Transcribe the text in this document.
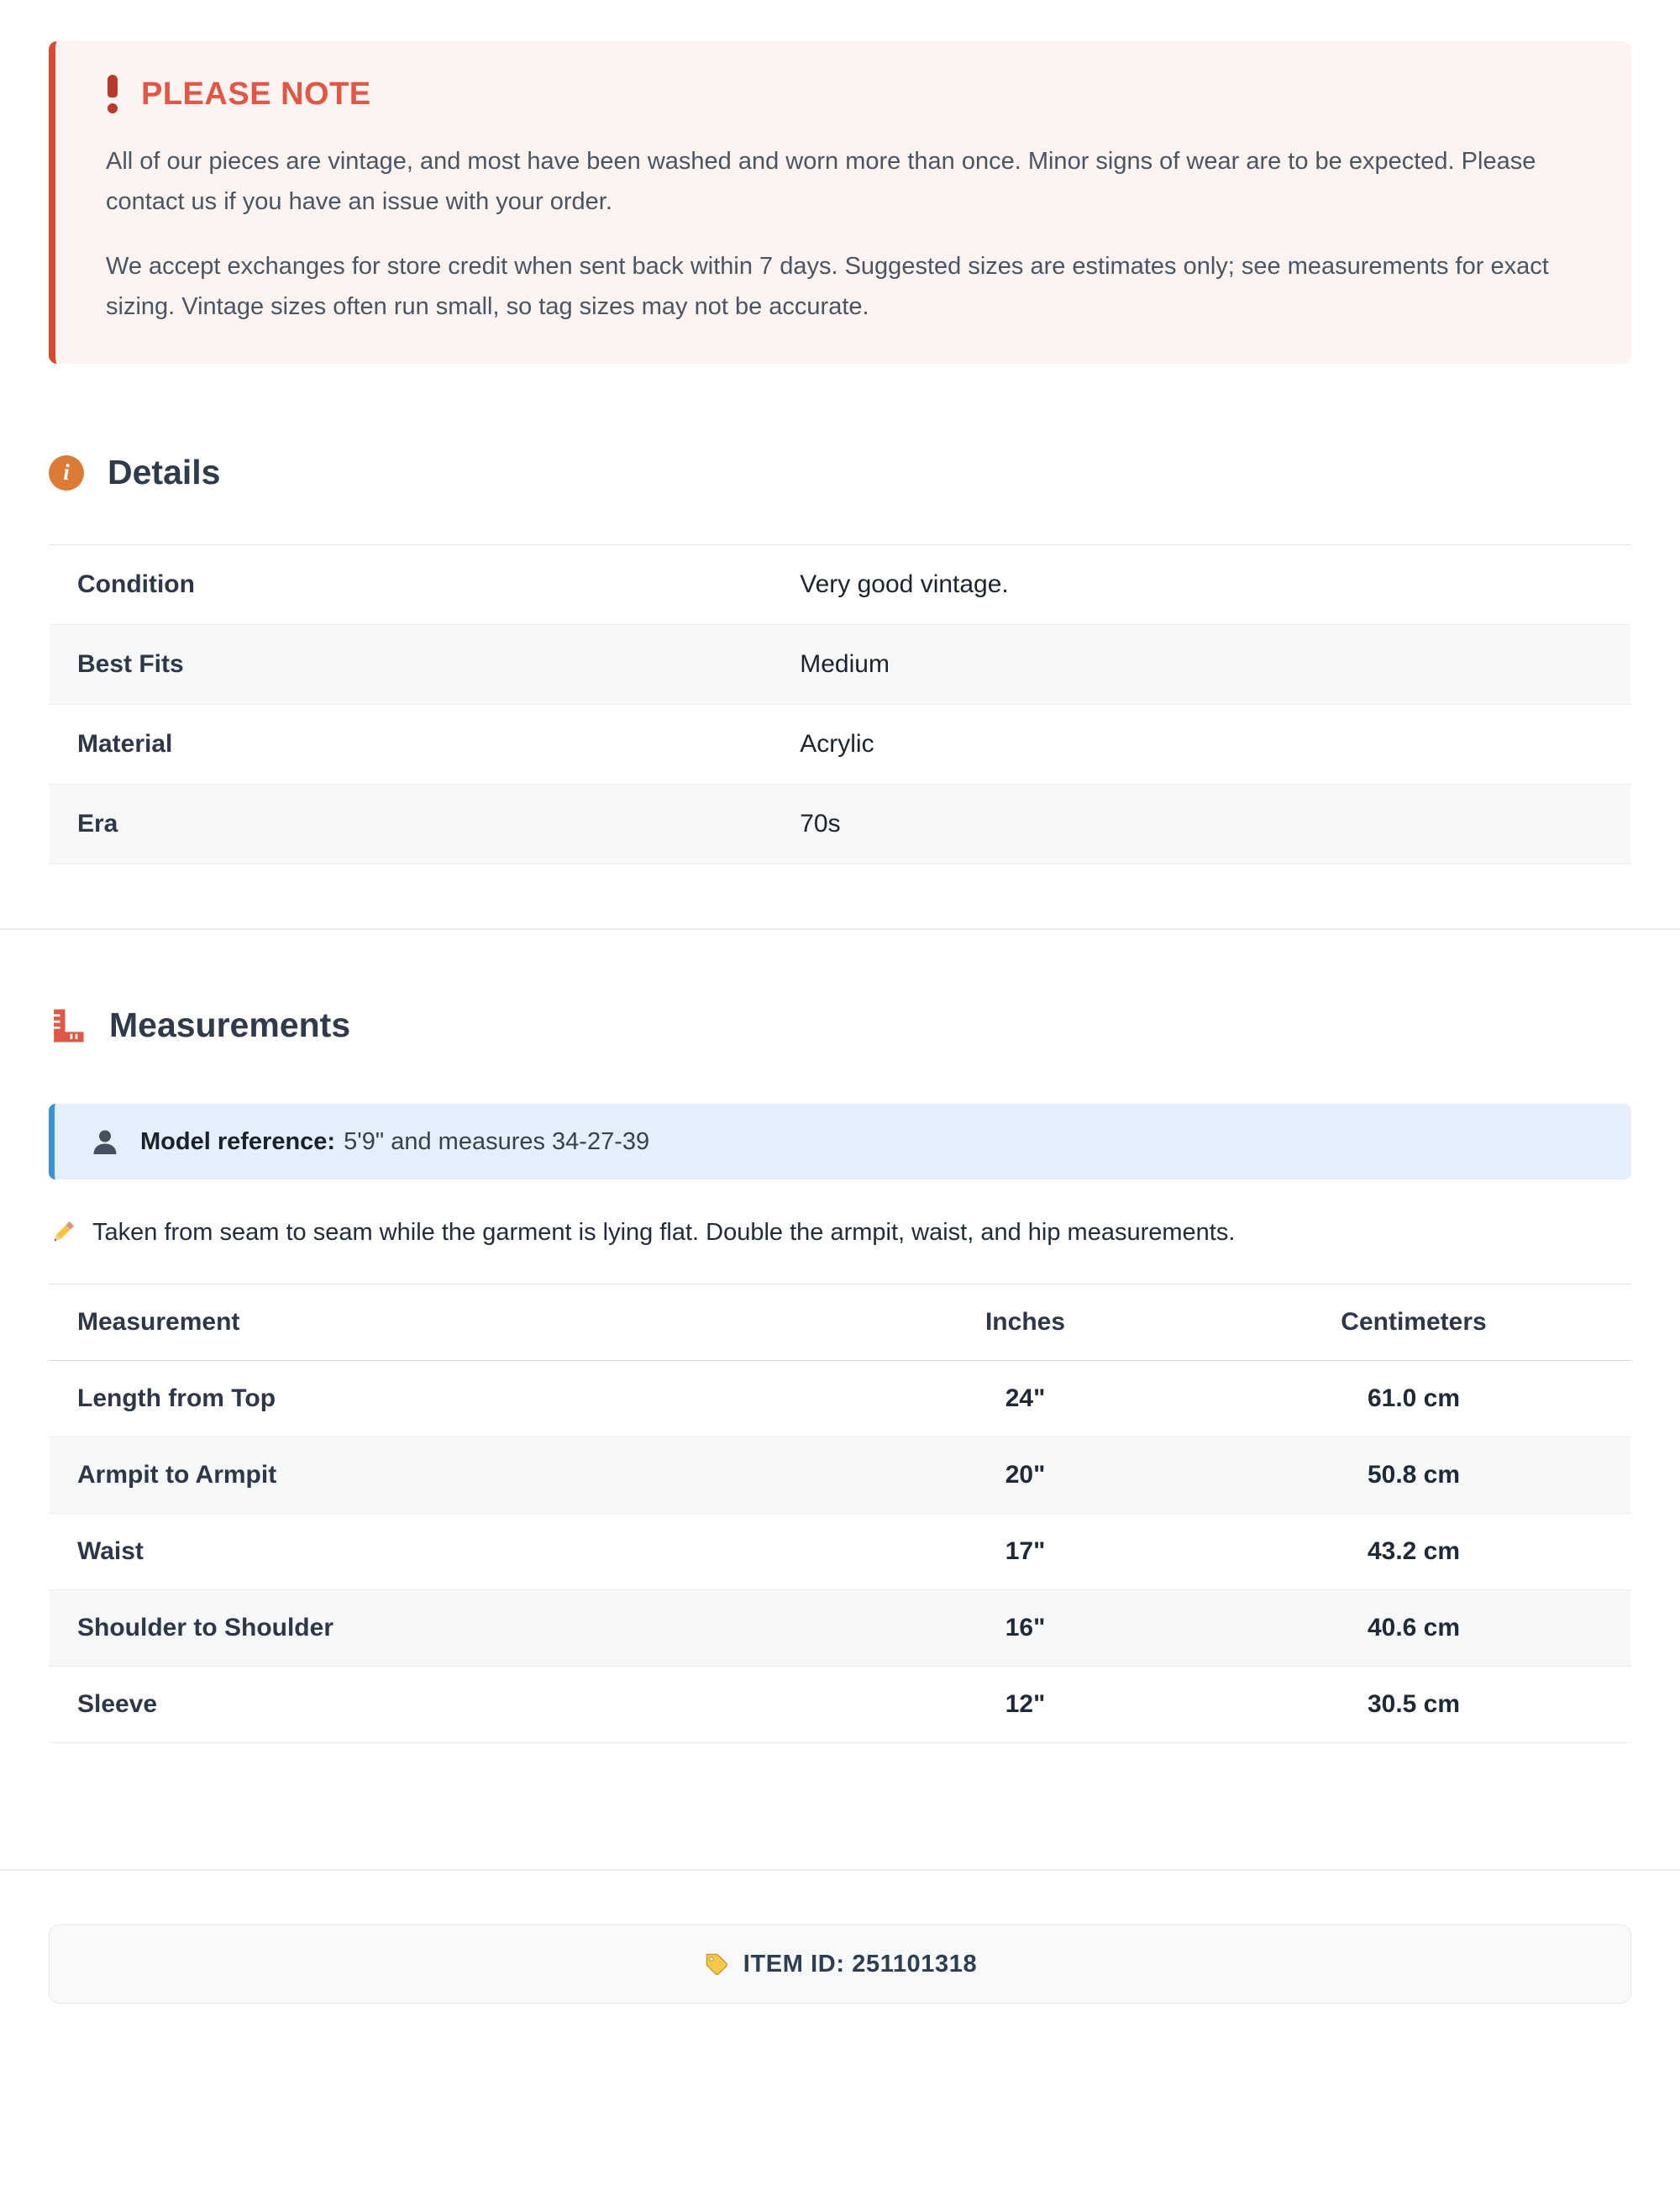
PLEASE NOTE

All of our pieces are vintage, and most have been washed and worn more than once. Minor signs of wear are to be expected. Please contact us if you have an issue with your order.

We accept exchanges for store credit when sent back within 7 days. Suggested sizes are estimates only; see measurements for exact sizing. Vintage sizes often run small, so tag sizes may not be accurate.

i
Details
Condition	Very good vintage.
Best Fits	Medium
Material	Acrylic
Era	70s
Measurements
Model reference: 5'9" and measures 34-27-39
Taken from seam to seam while the garment is lying flat. Double the armpit, waist, and hip measurements.
Measurement	Inches	Centimeters
Length from Top	24"	61.0 cm
Armpit to Armpit	20"	50.8 cm
Waist	17"	43.2 cm
Shoulder to Shoulder	16"	40.6 cm
Sleeve	12"	30.5 cm
ITEM ID: 251101318
